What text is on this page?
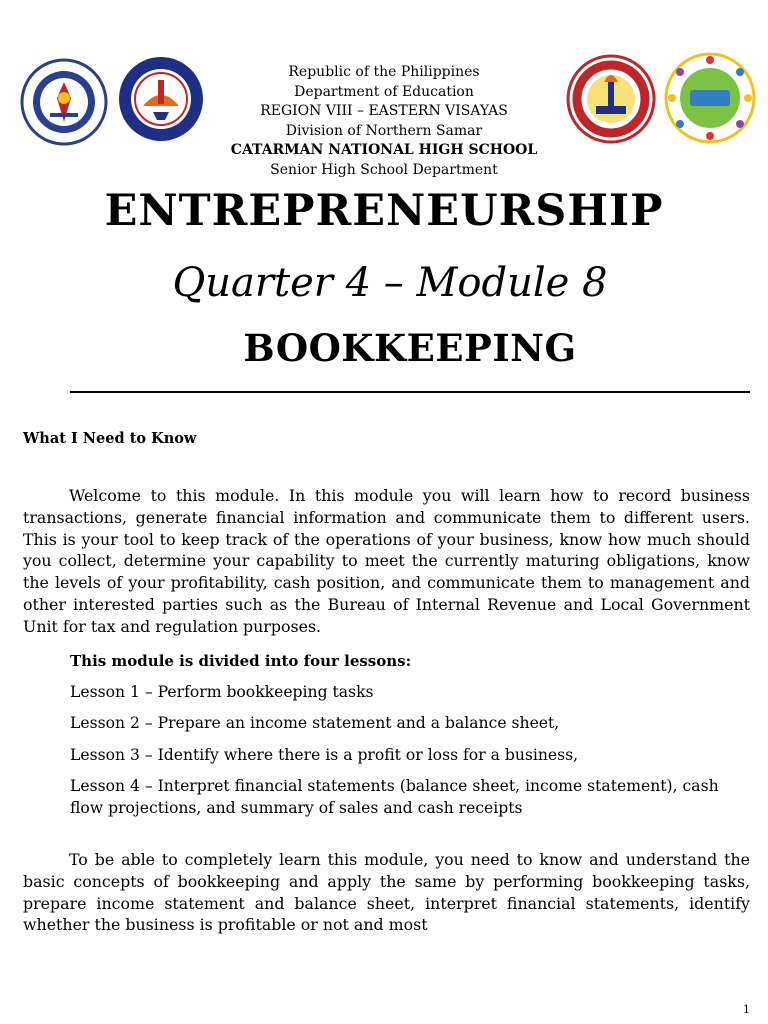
Republic of the Philippines
Department of Education
REGION VIII – EASTERN VISAYAS
Division of Northern Samar
CATARMAN NATIONAL HIGH SCHOOL
Senior High School Department
ENTREPRENEURSHIP
Quarter 4 – Module 8
BOOKKEEPING

What I Need to Know

Welcome to this module. In this module you will learn how to record business transactions, generate financial information and communicate them to different users. This is your tool to keep track of the operations of your business, know how much should you collect, determine your capability to meet the currently maturing obligations, know the levels of your profitability, cash position, and communicate them to management and other interested parties such as the Bureau of Internal Revenue and Local Government Unit for tax and regulation purposes.

This module is divided into four lessons:

Lesson 1 – Perform bookkeeping tasks

Lesson 2 – Prepare an income statement and a balance sheet,

Lesson 3 – Identify where there is a profit or loss for a business,

Lesson 4 – Interpret financial statements (balance sheet, income statement), cash flow projections, and summary of sales and cash receipts

To be able to completely learn this module, you need to know and understand the basic concepts of bookkeeping and apply the same by performing bookkeeping tasks, prepare income statement and balance sheet, interpret financial statements, identify whether the business is profitable or not and most

1
